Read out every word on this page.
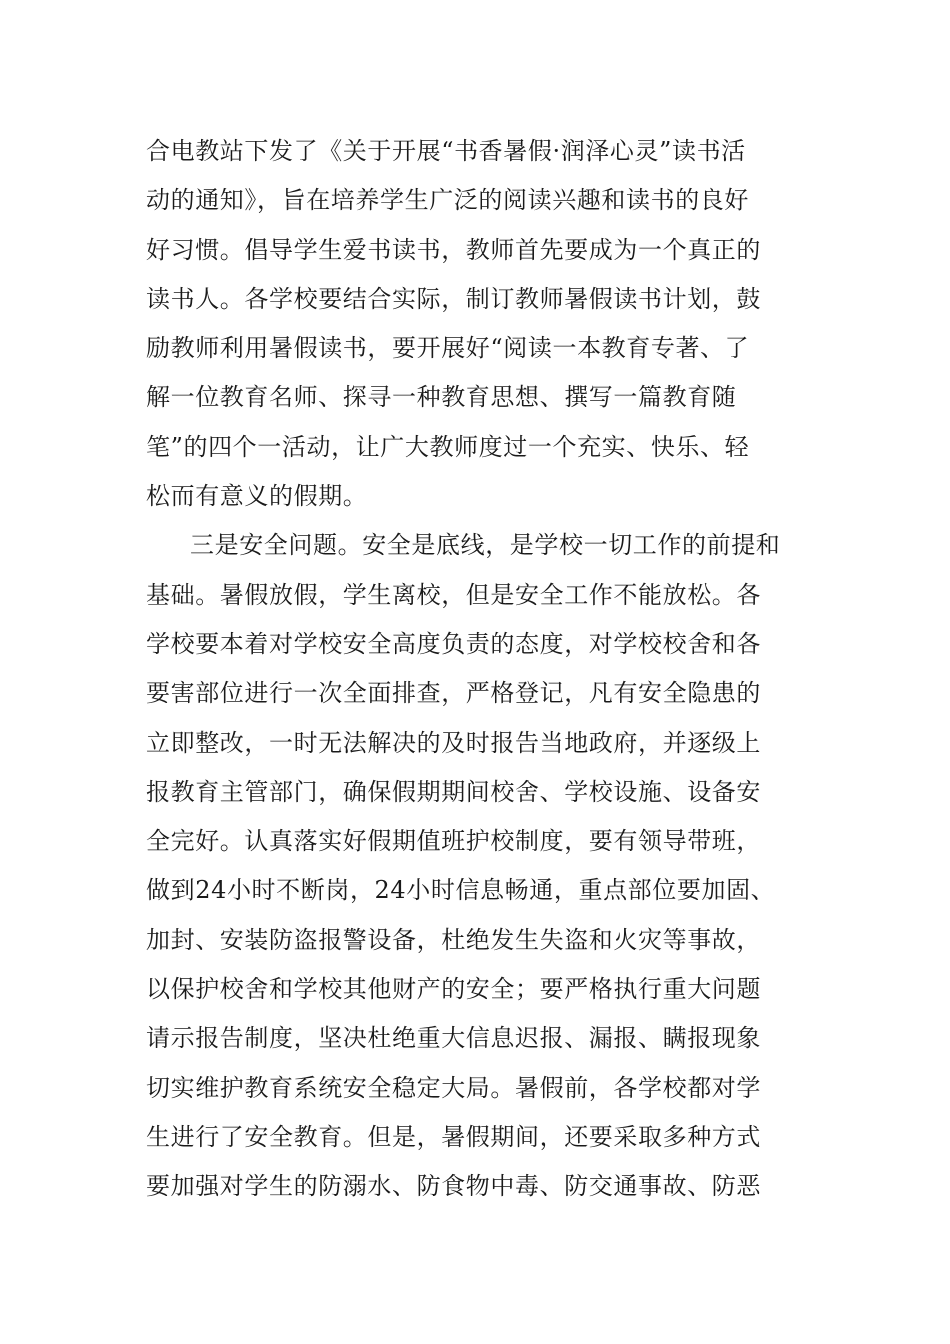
合电教站下发了《关于开展“书香暑假·润泽心灵”读书活
动的通知》，旨在培养学生广泛的阅读兴趣和读书的良好
好习惯。倡导学生爱书读书，教师首先要成为一个真正的
读书人。各学校要结合实际，制订教师暑假读书计划，鼓
励教师利用暑假读书，要开展好“阅读一本教育专著、了
解一位教育名师、探寻一种教育思想、撰写一篇教育随
笔”的四个一活动，让广大教师度过一个充实、快乐、轻
松而有意义的假期。
三是安全问题。安全是底线，是学校一切工作的前提和
基础。暑假放假，学生离校，但是安全工作不能放松。各
学校要本着对学校安全高度负责的态度，对学校校舍和各
要害部位进行一次全面排查，严格登记，凡有安全隐患的
立即整改，一时无法解决的及时报告当地政府，并逐级上
报教育主管部门，确保假期期间校舍、学校设施、设备安
全完好。认真落实好假期值班护校制度，要有领导带班，
做到24小时不断岗，24小时信息畅通，重点部位要加固、
加封、安装防盗报警设备，杜绝发生失盗和火灾等事故，
以保护校舍和学校其他财产的安全；要严格执行重大问题
请示报告制度，坚决杜绝重大信息迟报、漏报、瞒报现象
切实维护教育系统安全稳定大局。暑假前，各学校都对学
生进行了安全教育。但是，暑假期间，还要采取多种方式
要加强对学生的防溺水、防食物中毒、防交通事故、防恶
